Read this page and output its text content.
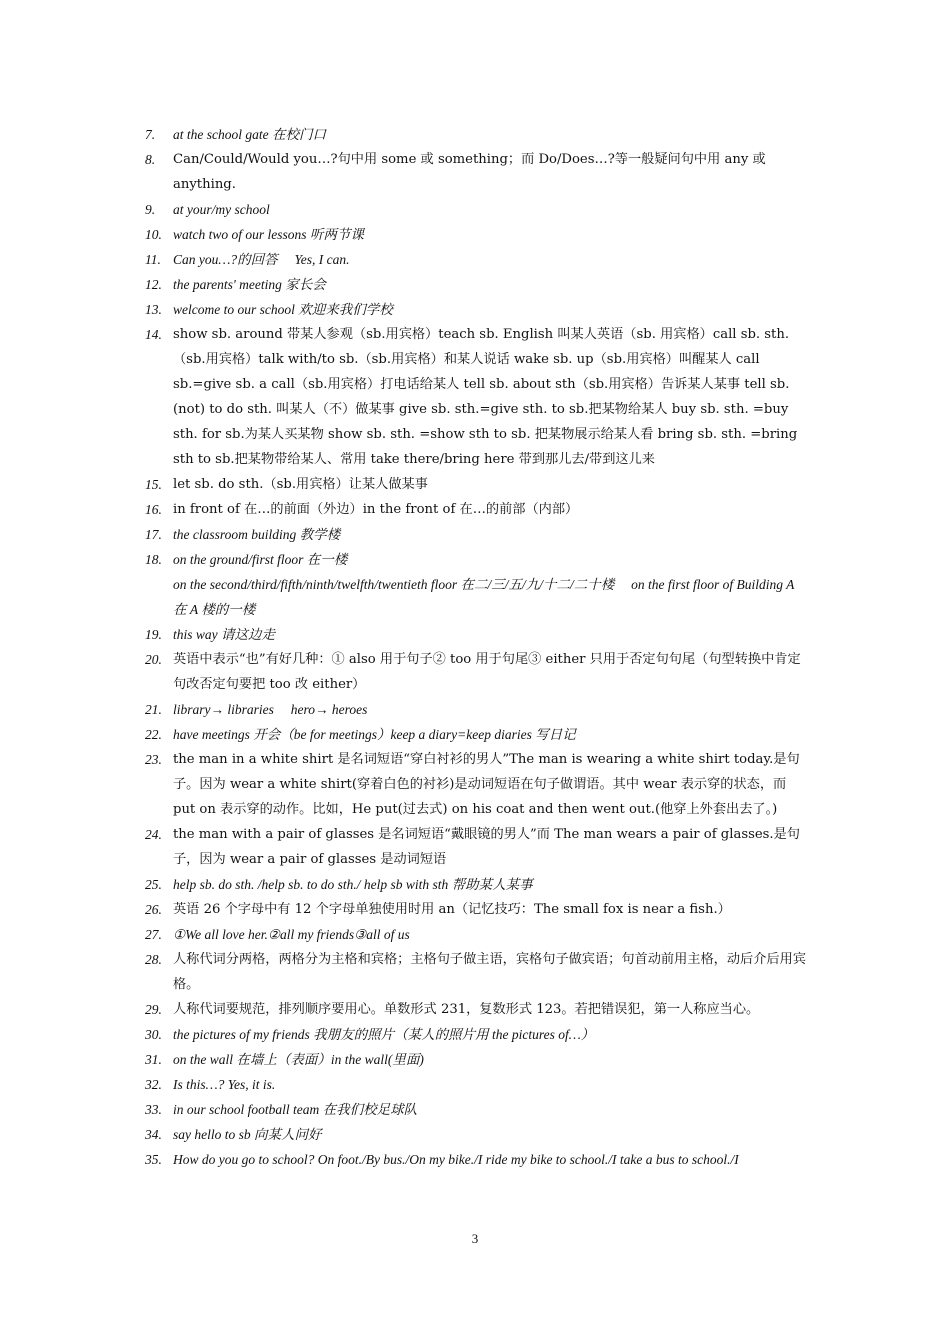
7.	at the school gate 在校门口
8.	Can/Could/Would you…?句中用 some 或 something；而 Do/Does…?等一般疑问句中用 any 或 anything.
9.	at your/my school
10. watch two of our lessons 听两节课
11. Can you…?的回答　 Yes, I can.
12. the parents' meeting 家长会
13. welcome to our school 欢迎来我们学校
14. show sb. around 带某人参观（sb.用宾格）teach sb. English 叫某人英语（sb. 用宾格）call sb. sth.（sb.用宾格）talk with/to sb.（sb.用宾格）和某人说话 wake sb. up（sb.用宾格）叫醒某人 call sb.=give sb. a call（sb.用宾格）打电话给某人 tell sb. about sth（sb.用宾格）告诉某人某事 tell sb. (not) to do sth. 叫某人（不）做某事 give sb. sth.=give sth. to sb.把某物给某人 buy sb. sth. =buy sth. for sb.为某人买某物 show sb. sth. =show sth to sb. 把某物展示给某人看 bring sb. sth. =bring sth to sb.把某物带给某人、常用 take there/bring here 带到那儿去/带到这儿来
15. let sb. do sth.（sb.用宾格）让某人做某事
16. in front of 在…的前面（外边）in the front of 在…的前部（内部）
17. the classroom building 教学楼
18. on the ground/first floor 在一楼
on the second/third/fifth/ninth/twelfth/twentieth floor 在二/三/五/九/十二/二十楼　 on the first floor of Building A 在 A 楼的一楼
19. this way 请这边走
20. 英语中表示“也”有好几种：① also 用于句子② too 用于句尾③ either 只用于否定句句尾（句型转换中肯定句改否定句要把 too 改 either）
21. library→ libraries　 hero→ heroes
22. have meetings 开会（be for meetings）keep a diary=keep diaries 写日记
23. the man in a white shirt 是名词短语“穿白衬衫的男人”The man is wearing a white shirt today.是句子。因为 wear a white shirt(穿着白色的衬衫)是动词短语在句子做谓语。其中 wear 表示穿的状态，而 put on 表示穿的动作。比如，He put(过去式) on his coat and then went out.(他穿上外套出去了。)
24. the man with a pair of glasses 是名词短语“戴眼镜的男人”而 The man wears a pair of glasses.是句子，因为 wear a pair of glasses 是动词短语
25. help sb. do sth. /help sb. to do sth./ help sb with sth 帮助某人某事
26. 英语 26 个字母中有 12 个字母单独使用时用 an（记忆技巧：The small fox is near a fish.）
27. ①We all love her.②all my friends③all of us
28. 人称代词分两格，两格分为主格和宾格；主格句子做主语，宾格句子做宾语；句首动前用主格，动后介后用宾格。
29. 人称代词要规范，排列顺序要用心。单数形式 231，复数形式 123。若把错误犯，第一人称应当心。
30. the pictures of my friends 我朋友的照片（某人的照片用 the pictures of…）
31. on the wall 在墙上（表面）in the wall(里面)
32. Is this…? Yes, it is.
33. in our school football team 在我们校足球队
34. say hello to sb 向某人问好
35. How do you go to school? On foot./By bus./On my bike./I ride my bike to school./I take a bus to school./I
3
